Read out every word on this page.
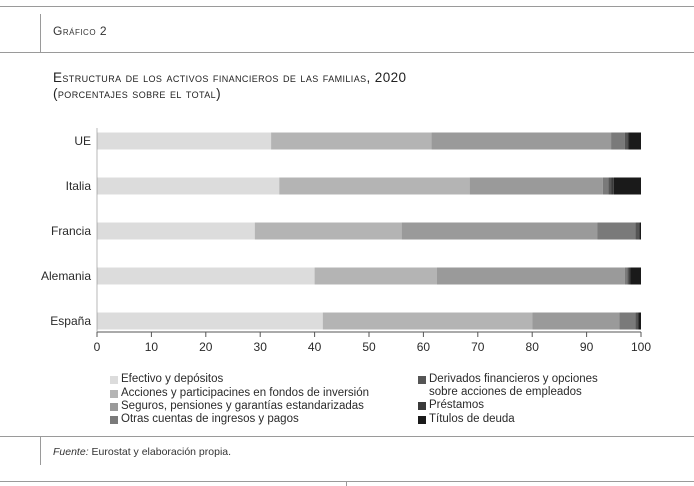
Gráfico 2
Estructura de los activos financieros de las familias, 2020
(porcentajes sobre el total)
UE
Italia
Francia
Alemania
España
0	10	20	30	40	50	60	70	80	90	100
Efectivo y depósitos
Acciones y participacines en fondos de inversión
Seguros, pensiones y garantías estandarizadas
Otras cuentas de ingresos y pagos
Derivados financieros y opciones
sobre acciones de empleados
Préstamos
Títulos de deuda
Fuente: Eurostat y elaboración propia.
